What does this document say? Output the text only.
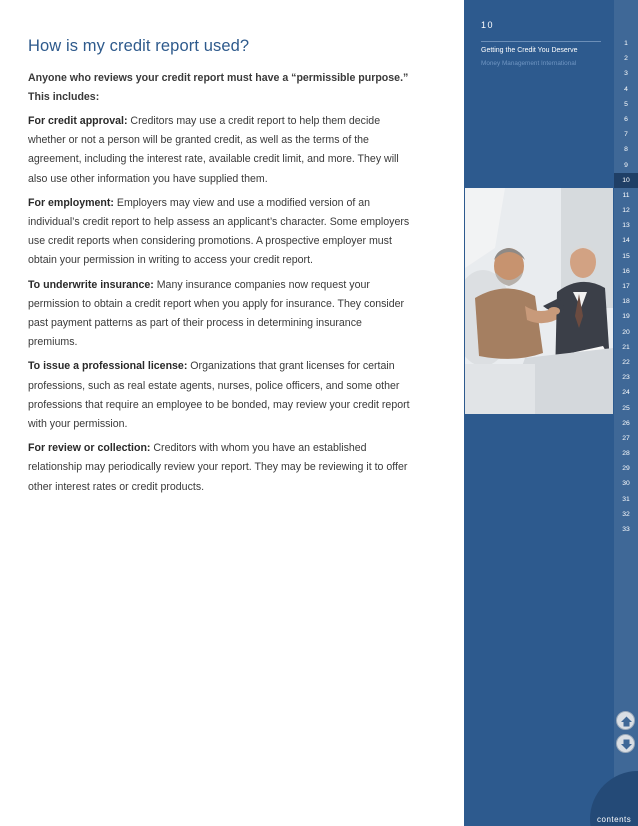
How is my credit report used?

Anyone who reviews your credit report must have a “permissible purpose.” This includes:

For credit approval: Creditors may use a credit report to help them decide whether or not a person will be granted credit, as well as the terms of the agreement, including the interest rate, available credit limit, and more. They will also use other information you have supplied them.

For employment: Employers may view and use a modified version of an individual’s credit report to help assess an applicant’s character. Some employers use credit reports when considering promotions. A prospective employer must obtain your permission in writing to access your credit report.

To underwrite insurance: Many insurance companies now request your permission to obtain a credit report when you apply for insurance. They consider past payment patterns as part of their process in determining insurance premiums.

To issue a professional license: Organizations that grant licenses for certain professions, such as real estate agents, nurses, police officers, and some other professions that require an employee to be bonded, may review your credit report with your permission.

For review or collection: Creditors with whom you have an established relationship may periodically review your report. They may be reviewing it to offer other interest rates or credit products.

10
Getting the Credit You Deserve
Money Management International
1
2
3
4
5
6
7
8
9
10
11
12
13
14
15
16
17
18
19
20
21
22
23
24
25
26
27
28
29
30
31
32
33
contents
